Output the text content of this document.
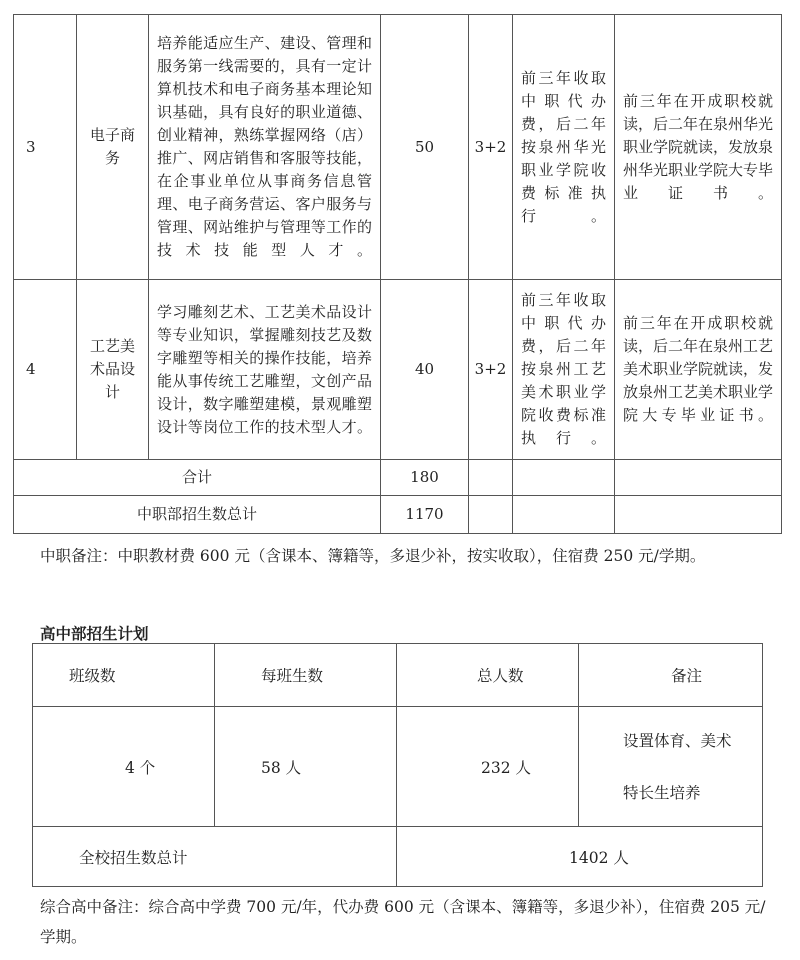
3	电子商务	培养能适应生产、建设、管理和服务第一线需要的，具有一定计算机技术和电子商务基本理论知识基础，具有良好的职业道德、创业精神，熟练掌握网络（店）推广、网店销售和客服等技能，在企事业单位从事商务信息管理、电子商务营运、客户服务与管理、网站维护与管理等工作的技术技能型人才。	50	3+2	前三年收取中职代办费，后二年按泉州华光职业学院收费标准执行。	前三年在开成职校就读，后二年在泉州华光职业学院就读，发放泉州华光职业学院大专毕业证书。
4	工艺美术品设计	学习雕刻艺术、工艺美术品设计等专业知识，掌握雕刻技艺及数字雕塑等相关的操作技能，培养能从事传统工艺雕塑，文创产品设计，数字雕塑建模，景观雕塑设计等岗位工作的技术型人才。	40	3+2	前三年收取中职代办费，后二年按泉州工艺美术职业学院收费标准执行。	前三年在开成职校就读，后二年在泉州工艺美术职业学院就读，发放泉州工艺美术职业学院大专毕业证书。
合计			180			
中职部招生数总计			1170			
中职备注：中职教材费 600 元（含课本、簿籍等，多退少补，按实收取），住宿费 250 元/学期。
高中部招生计划
班级数	每班生数	总人数	备注
4 个	58 人	232 人	设置体育、美术
特长生培养

全校招生数总计		1402 人	
综合高中备注：综合高中学费 700 元/年，代办费 600 元（含课本、簿籍等，多退少补），住宿费 205 元/学期。
